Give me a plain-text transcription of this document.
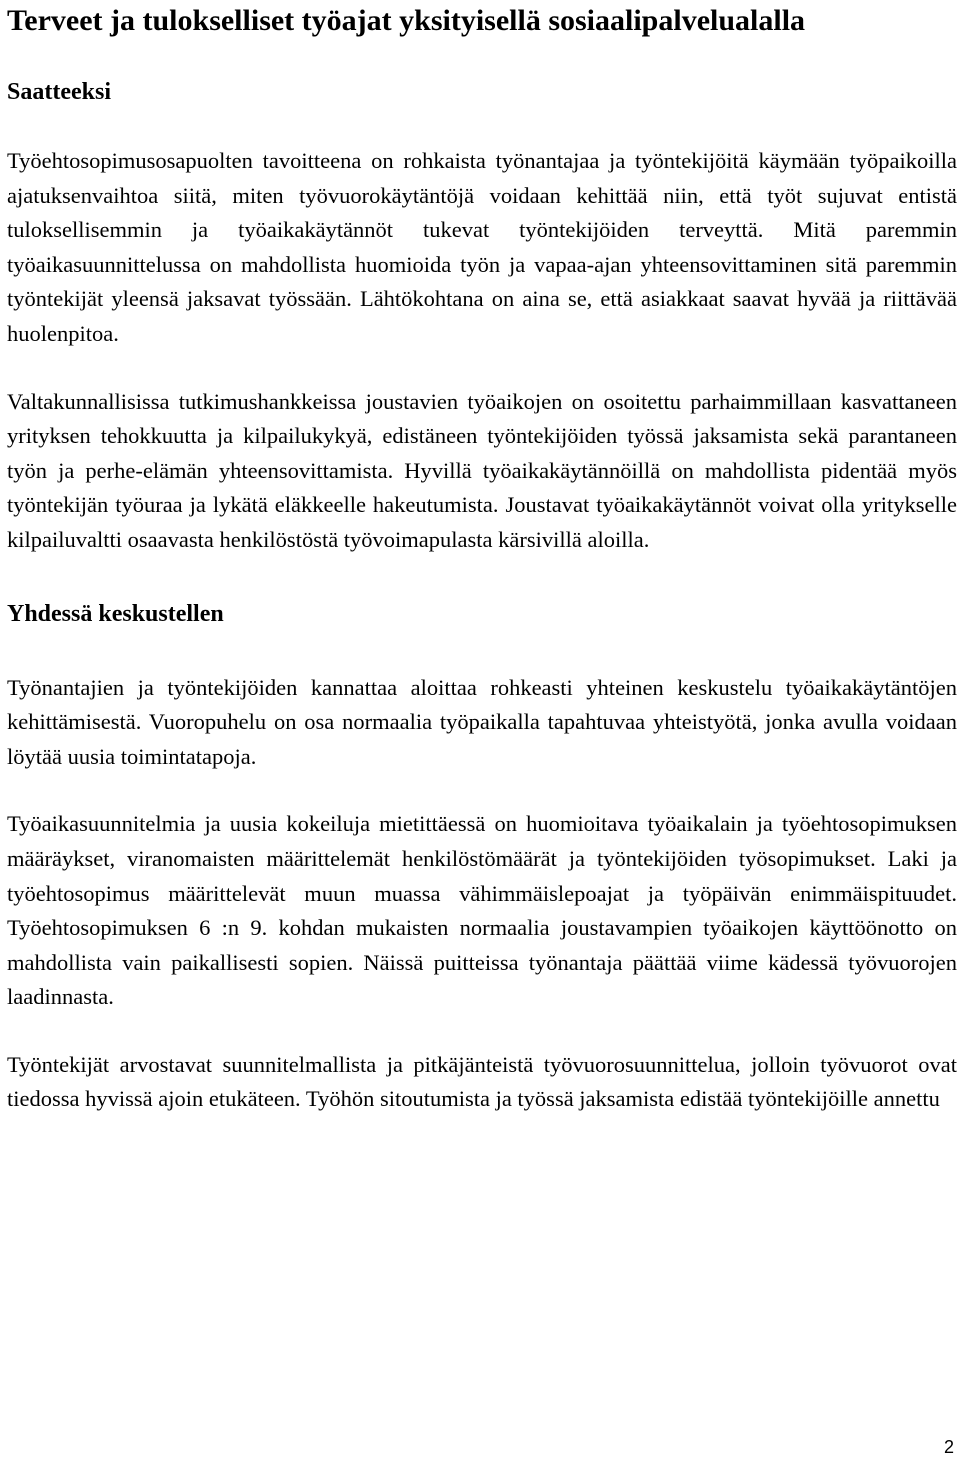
Terveet ja tulokselliset työajat yksityisellä sosiaalipalvelualalla
Saatteeksi

Työehtosopimusosapuolten tavoitteena on rohkaista työnantajaa ja työntekijöitä käymään työpaikoilla ajatuksenvaihtoa siitä, miten työvuorokäytäntöjä voidaan kehittää niin, että työt sujuvat entistä tuloksellisemmin ja työaikakäytännöt tukevat työntekijöiden terveyttä. Mitä paremmin työaikasuunnittelussa on mahdollista huomioida työn ja vapaa-ajan yhteensovittaminen sitä paremmin työntekijät yleensä jaksavat työssään. Lähtökohtana on aina se, että asiakkaat saavat hyvää ja riittävää huolenpitoa.

Valtakunnallisissa tutkimushankkeissa joustavien työaikojen on osoitettu parhaimmillaan kasvattaneen yrityksen tehokkuutta ja kilpailukykyä, edistäneen työntekijöiden työssä jaksamista sekä parantaneen työn ja perhe-elämän yhteensovittamista. Hyvillä työaikakäytännöillä on mahdollista pidentää myös työntekijän työuraa ja lykätä eläkkeelle hakeutumista. Joustavat työaikakäytännöt voivat olla yritykselle kilpailuvaltti osaavasta henkilöstöstä työvoimapulasta kärsivillä aloilla.

Yhdessä keskustellen

Työnantajien ja työntekijöiden kannattaa aloittaa rohkeasti yhteinen keskustelu työaikakäytäntöjen kehittämisestä. Vuoropuhelu on osa normaalia työpaikalla tapahtuvaa yhteistyötä, jonka avulla voidaan löytää uusia toimintatapoja.

Työaikasuunnitelmia ja uusia kokeiluja mietittäessä on huomioitava työaikalain ja työehtosopimuksen määräykset, viranomaisten määrittelemät henkilöstömäärät ja työntekijöiden työsopimukset. Laki ja työehtosopimus määrittelevät muun muassa vähimmäislepoajat ja työpäivän enimmäispituudet. Työehtosopimuksen 6 :n 9. kohdan mukaisten normaalia joustavampien työaikojen käyttöönotto on mahdollista vain paikallisesti sopien. Näissä puitteissa työnantaja päättää viime kädessä työvuorojen laadinnasta.

Työntekijät arvostavat suunnitelmallista ja pitkäjänteistä työvuorosuunnittelua, jolloin työvuorot ovat tiedossa hyvissä ajoin etukäteen. Työhön sitoutumista ja työssä jaksamista edistää työntekijöille annettu

2
